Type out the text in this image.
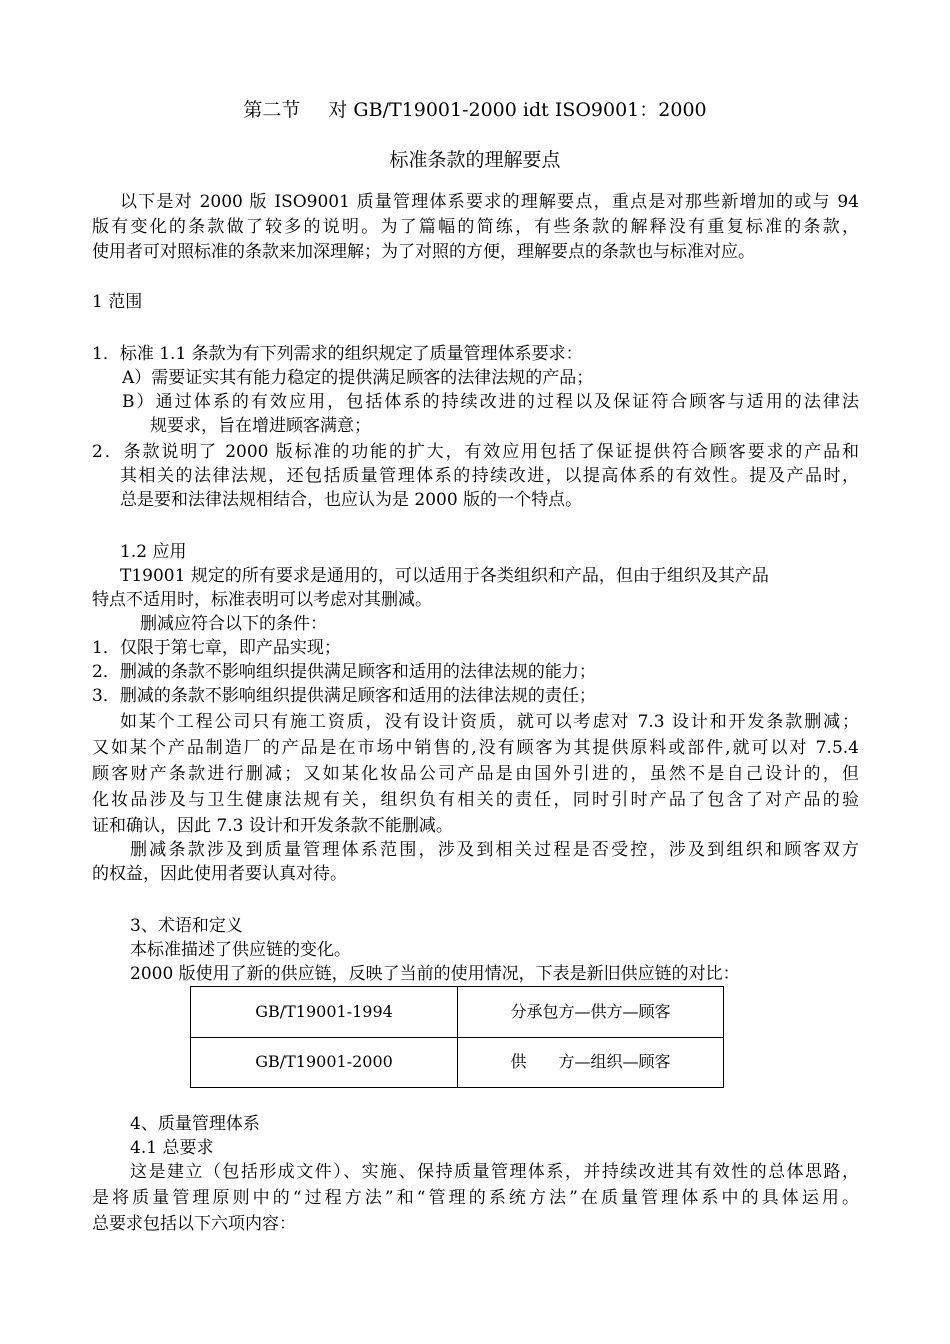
第二节 对 GB/T19001-2000 idt ISO9001：2000
标准条款的理解要点
以下是对 2000 版 ISO9001 质量管理体系要求的理解要点，重点是对那些新增加的或与 94
版有变化的条款做了较多的说明。为了篇幅的简练，有些条款的解释没有重复标准的条款，
使用者可对照标准的条款来加深理解；为了对照的方便，理解要点的条款也与标准对应。
1 范围
1．标准 1.1 条款为有下列需求的组织规定了质量管理体系要求：
A）需要证实其有能力稳定的提供满足顾客的法律法规的产品；
B）通过体系的有效应用，包括体系的持续改进的过程以及保证符合顾客与适用的法律法
规要求，旨在增进顾客满意；
2．条款说明了 2000 版标准的功能的扩大，有效应用包括了保证提供符合顾客要求的产品和
其相关的法律法规，还包括质量管理体系的持续改进，以提高体系的有效性。提及产品时，
总是要和法律法规相结合，也应认为是 2000 版的一个特点。
1.2 应用
T19001 规定的所有要求是通用的，可以适用于各类组织和产品，但由于组织及其产品
特点不适用时，标准表明可以考虑对其删减。
删减应符合以下的条件：
1．仅限于第七章，即产品实现；
2．删减的条款不影响组织提供满足顾客和适用的法律法规的能力；
3．删减的条款不影响组织提供满足顾客和适用的法律法规的责任；
如某个工程公司只有施工资质，没有设计资质，就可以考虑对 7.3 设计和开发条款删减；
又如某个产品制造厂的产品是在市场中销售的,没有顾客为其提供原料或部件,就可以对 7.5.4
顾客财产条款进行删减；又如某化妆品公司产品是由国外引进的，虽然不是自己设计的，但
化妆品涉及与卫生健康法规有关，组织负有相关的责任，同时引时产品了包含了对产品的验
证和确认，因此 7.3 设计和开发条款不能删减。
删减条款涉及到质量管理体系范围，涉及到相关过程是否受控，涉及到组织和顾客双方
的权益，因此使用者要认真对待。
3、术语和定义
本标准描述了供应链的变化。
2000 版使用了新的供应链，反映了当前的使用情况，下表是新旧供应链的对比：
GB/T19001-1994	分承包方—供方—顾客
GB/T19001-2000	供　　方—组织—顾客
4、质量管理体系
4.1 总要求
这是建立（包括形成文件）、实施、保持质量管理体系，并持续改进其有效性的总体思路，
是将质量管理原则中的“过程方法”和“管理的系统方法”在质量管理体系中的具体运用。
总要求包括以下六项内容：
